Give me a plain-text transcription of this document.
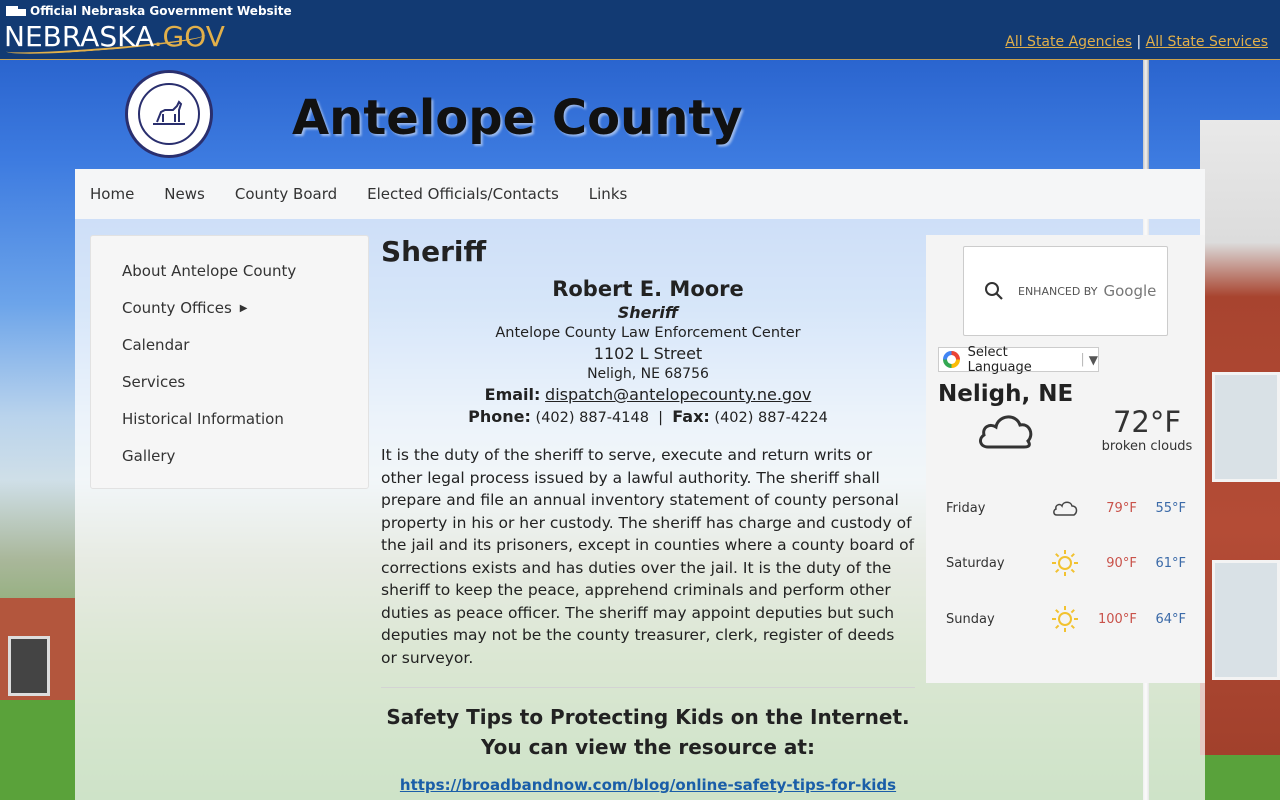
Official Nebraska Government Website
NEBRASKA.GOV	All State Agencies | All State Services
Antelope County
Home News County Board Elected Officials/Contacts Links
About Antelope County
County Offices ▶
Calendar
Services
Historical Information
Gallery
Sheriff
Robert E. Moore
Sheriff
Antelope County Law Enforcement Center
1102 L Street
Neligh, NE 68756
Email: dispatch@antelopecounty.ne.gov
Phone: (402) 887-4148 | Fax: (402) 887-4224

It is the duty of the sheriff to serve, execute and return writs or other legal process issued by a lawful authority. The sheriff shall prepare and file an annual inventory statement of county personal property in his or her custody. The sheriff has charge and custody of the jail and its prisoners, except in counties where a county board of corrections exists and has duties over the jail. It is the duty of the sheriff to keep the peace, apprehend criminals and perform other duties as peace officer. The sheriff may appoint deputies but such deputies may not be the county treasurer, clerk, register of deeds or surveyor.

Safety Tips to Protecting Kids on the Internet. You can view the resource at:
https://broadbandnow.com/blog/online-safety-tips-for-kids
ENHANCED BY Google
Select Language	| ▼
Neligh, NE
72°F
broken clouds
Friday	79°F	55°F
Saturday	90°F	61°F
Sunday	100°F	64°F
